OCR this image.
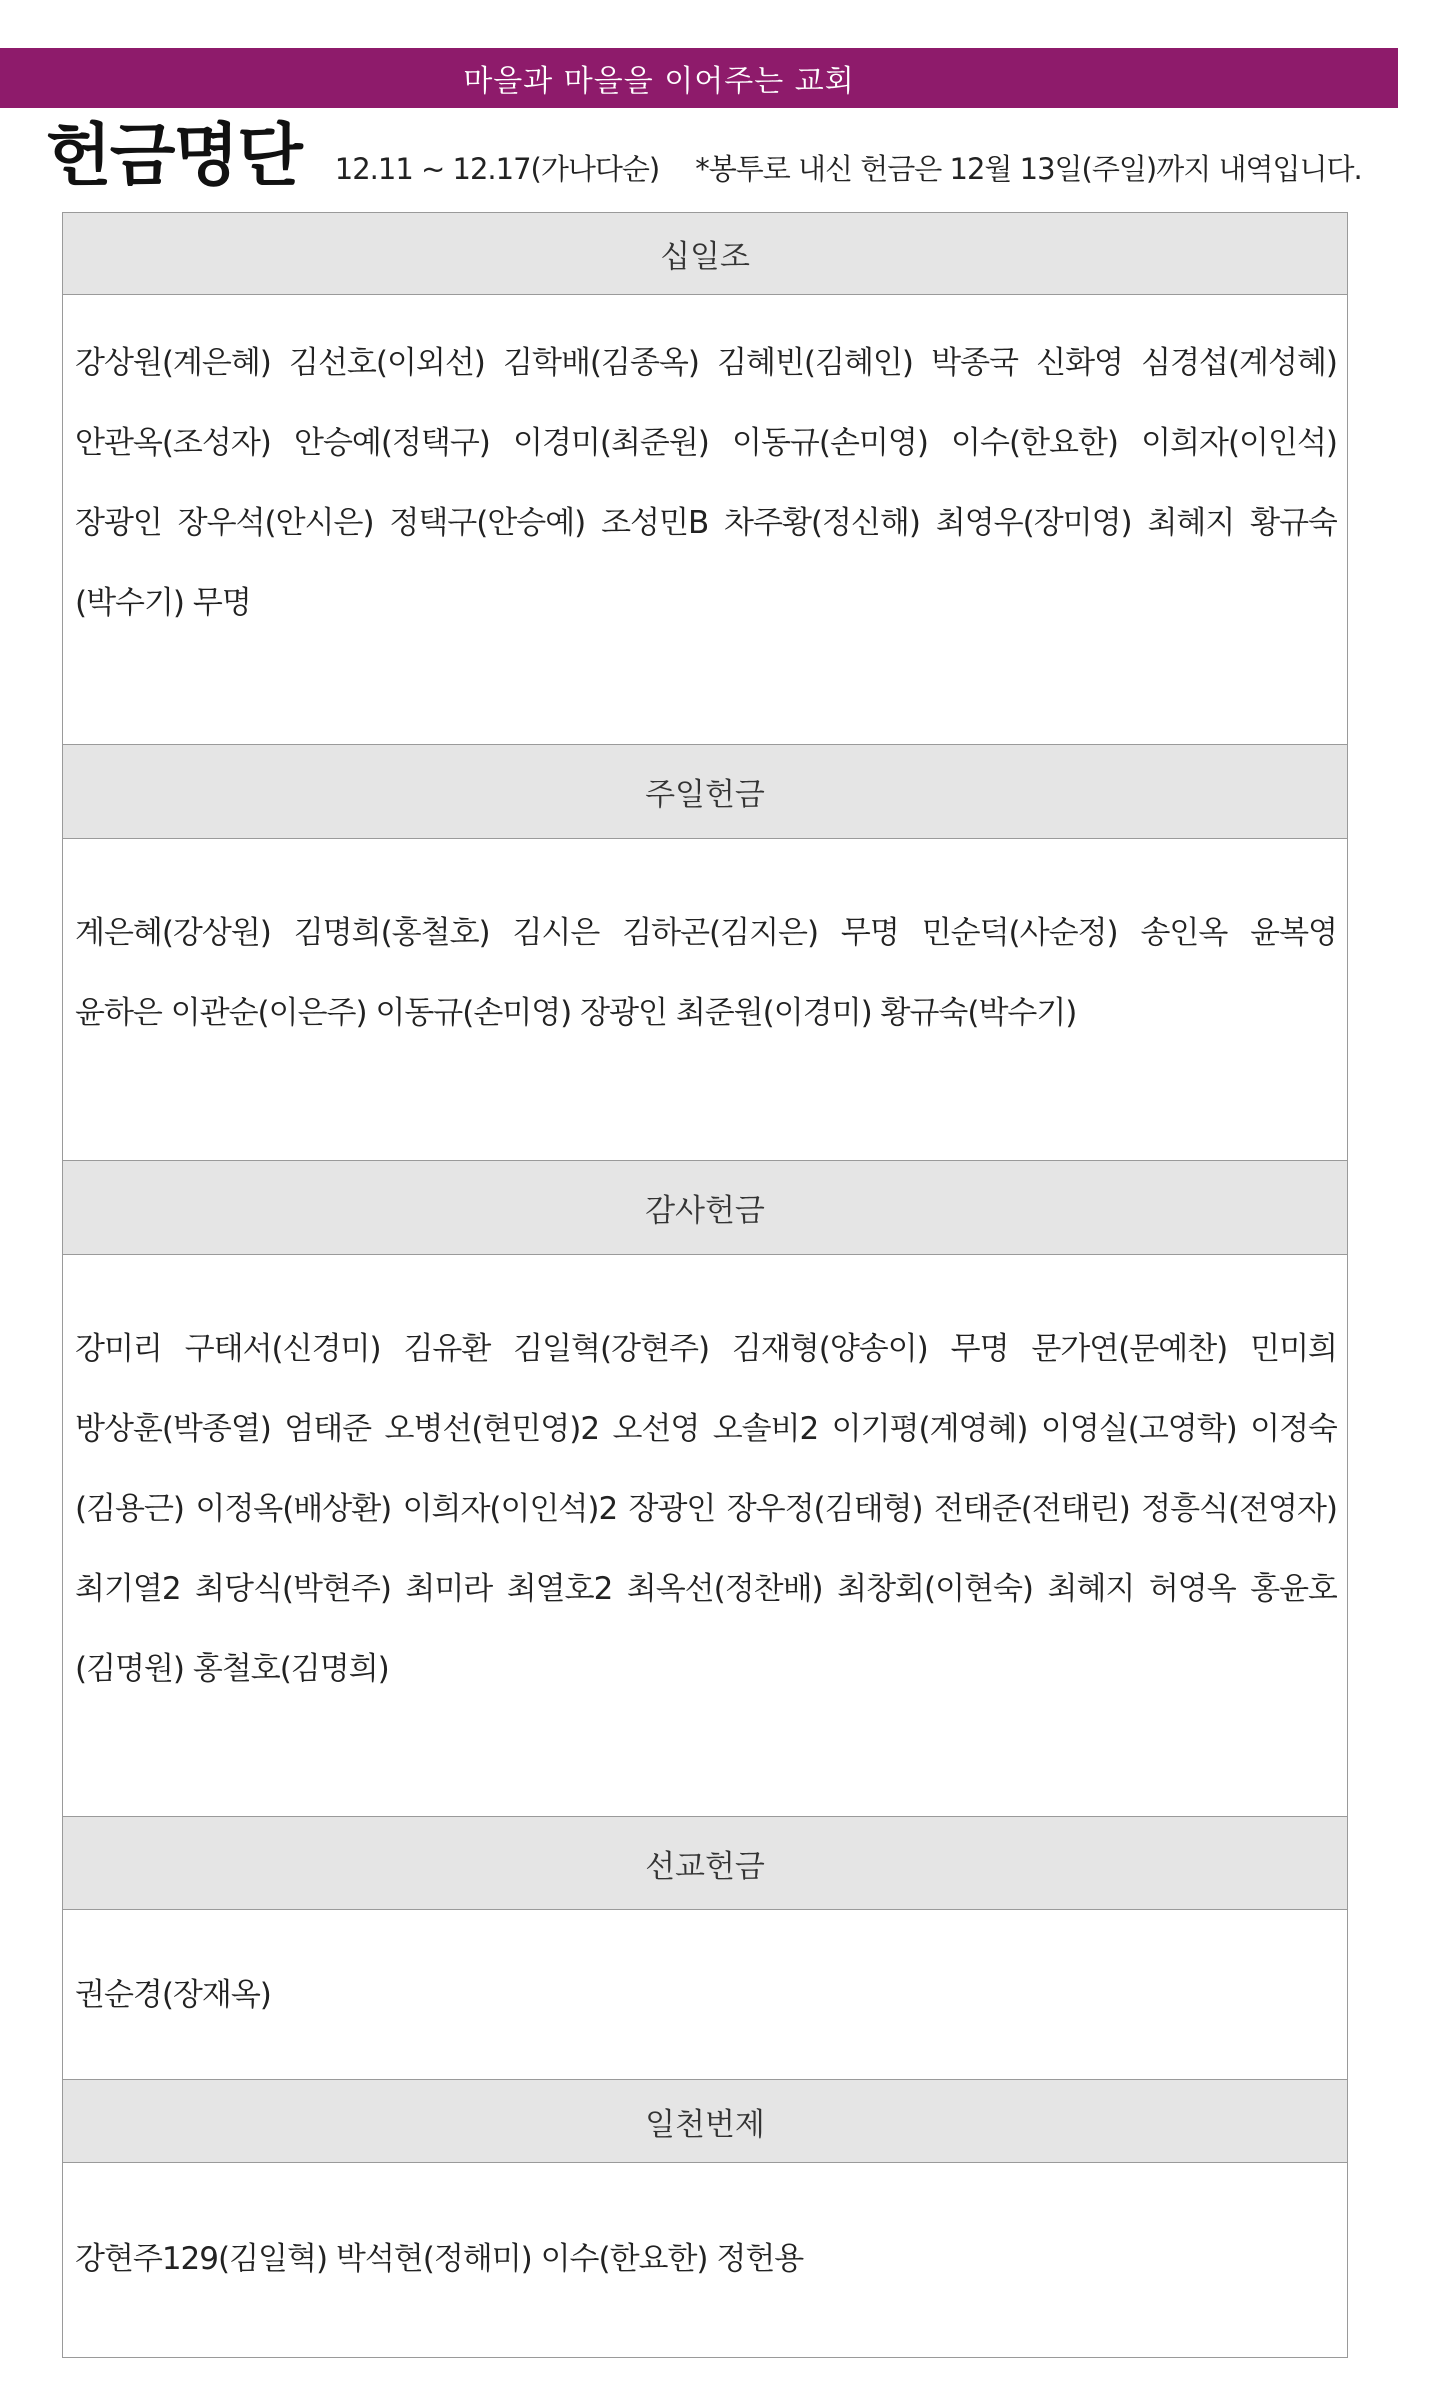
마을과 마을을 이어주는 교회
헌금명단 12.11 ~ 12.17(가나다순) *봉투로 내신 헌금은 12월 13일(주일)까지 내역입니다.
십일조
강상원(계은혜) 김선호(이외선) 김학배(김종옥) 김혜빈(김혜인) 박종국 신화영 심경섭(계성혜)
안관옥(조성자) 안승예(정택구) 이경미(최준원) 이동규(손미영) 이수(한요한) 이희자(이인석)
장광인 장우석(안시은) 정택구(안승예) 조성민B 차주황(정신해) 최영우(장미영) 최혜지 황규숙
(박수기) 무명
주일헌금
계은혜(강상원) 김명희(홍철호) 김시은 김하곤(김지은) 무명 민순덕(사순정) 송인옥 윤복영
윤하은 이관순(이은주) 이동규(손미영) 장광인 최준원(이경미) 황규숙(박수기)
감사헌금
강미리 구태서(신경미) 김유환 김일혁(강현주) 김재형(양송이) 무명 문가연(문예찬) 민미희
방상훈(박종열) 엄태준 오병선(현민영)2 오선영 오솔비2 이기평(계영혜) 이영실(고영학) 이정숙
(김용근) 이정옥(배상환) 이희자(이인석)2 장광인 장우정(김태형) 전태준(전태린) 정흥식(전영자)
최기열2 최당식(박현주) 최미라 최열호2 최옥선(정찬배) 최창회(이현숙) 최혜지 허영옥 홍윤호
(김명원) 홍철호(김명희)
선교헌금
권순경(장재옥)
일천번제
강현주129(김일혁) 박석현(정해미) 이수(한요한) 정헌용
